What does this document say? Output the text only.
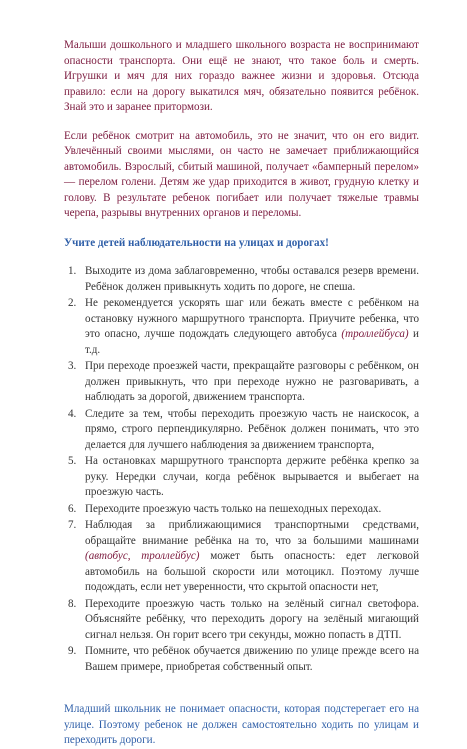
Малыши дошкольного и младшего школьного возраста не воспринимают опасности транспорта. Они ещё не знают, что такое боль и смерть. Игрушки и мяч для них гораздо важнее жизни и здоровья. Отсюда правило: если на дорогу выкатился мяч, обязательно появится ребёнок. Знай это и заранее притормози.

Если ребёнок смотрит на автомобиль, это не значит, что он его видит. Увлечённый своими мыслями, он часто не замечает приближающийся автомобиль. Взрослый, сбитый машиной, получает «бамперный перелом» — перелом голени. Детям же удар приходится в живот, грудную клетку и голову. В результате ребенок погибает или получает тяжелые травмы черепа, разрывы внутренних органов и переломы.

Учите детей наблюдательности на улицах и дорогах!

1. Выходите из дома заблаговременно, чтобы оставался резерв времени. Ребёнок должен привыкнуть ходить по дороге, не спеша.
2. Не рекомендуется ускорять шаг или бежать вместе с ребёнком на остановку нужного маршрутного транспорта. Приучите ребенка, что это опасно, лучше подождать следующего автобуса (троллейбуса) и т.д.
3. При переходе проезжей части, прекращайте разговоры с ребёнком, он должен привыкнуть, что при переходе нужно не разговаривать, а наблюдать за дорогой, движением транспорта.
4. Следите за тем, чтобы переходить проезжую часть не наискосок, а прямо, строго перпендикулярно. Ребёнок должен понимать, что это делается для лучшего наблюдения за движением транспорта,
5. На остановках маршрутного транспорта держите ребёнка крепко за руку. Нередки случаи, когда ребёнок вырывается и выбегает на проезжую часть.
6. Переходите проезжую часть только на пешеходных переходах.
7. Наблюдая за приближающимися транспортными средствами, обращайте внимание ребёнка на то, что за большими машинами (автобус, троллейбус) может быть опасность: едет легковой автомобиль на большой скорости или мотоцикл. Поэтому лучше подождать, если нет уверенности, что скрытой опасности нет,
8. Переходите проезжую часть только на зелёный сигнал светофора. Объясняйте ребёнку, что переходить дорогу на зелёный мигающий сигнал нельзя. Он горит всего три секунды, можно попасть в ДТП.
9. Помните, что ребёнок обучается движению по улице прежде всего на Вашем примере, приобретая собственный опыт.

Младший школьник не понимает опасности, которая подстерегает его на улице. Поэтому ребенок не должен самостоятельно ходить по улицам и переходить дороги.
